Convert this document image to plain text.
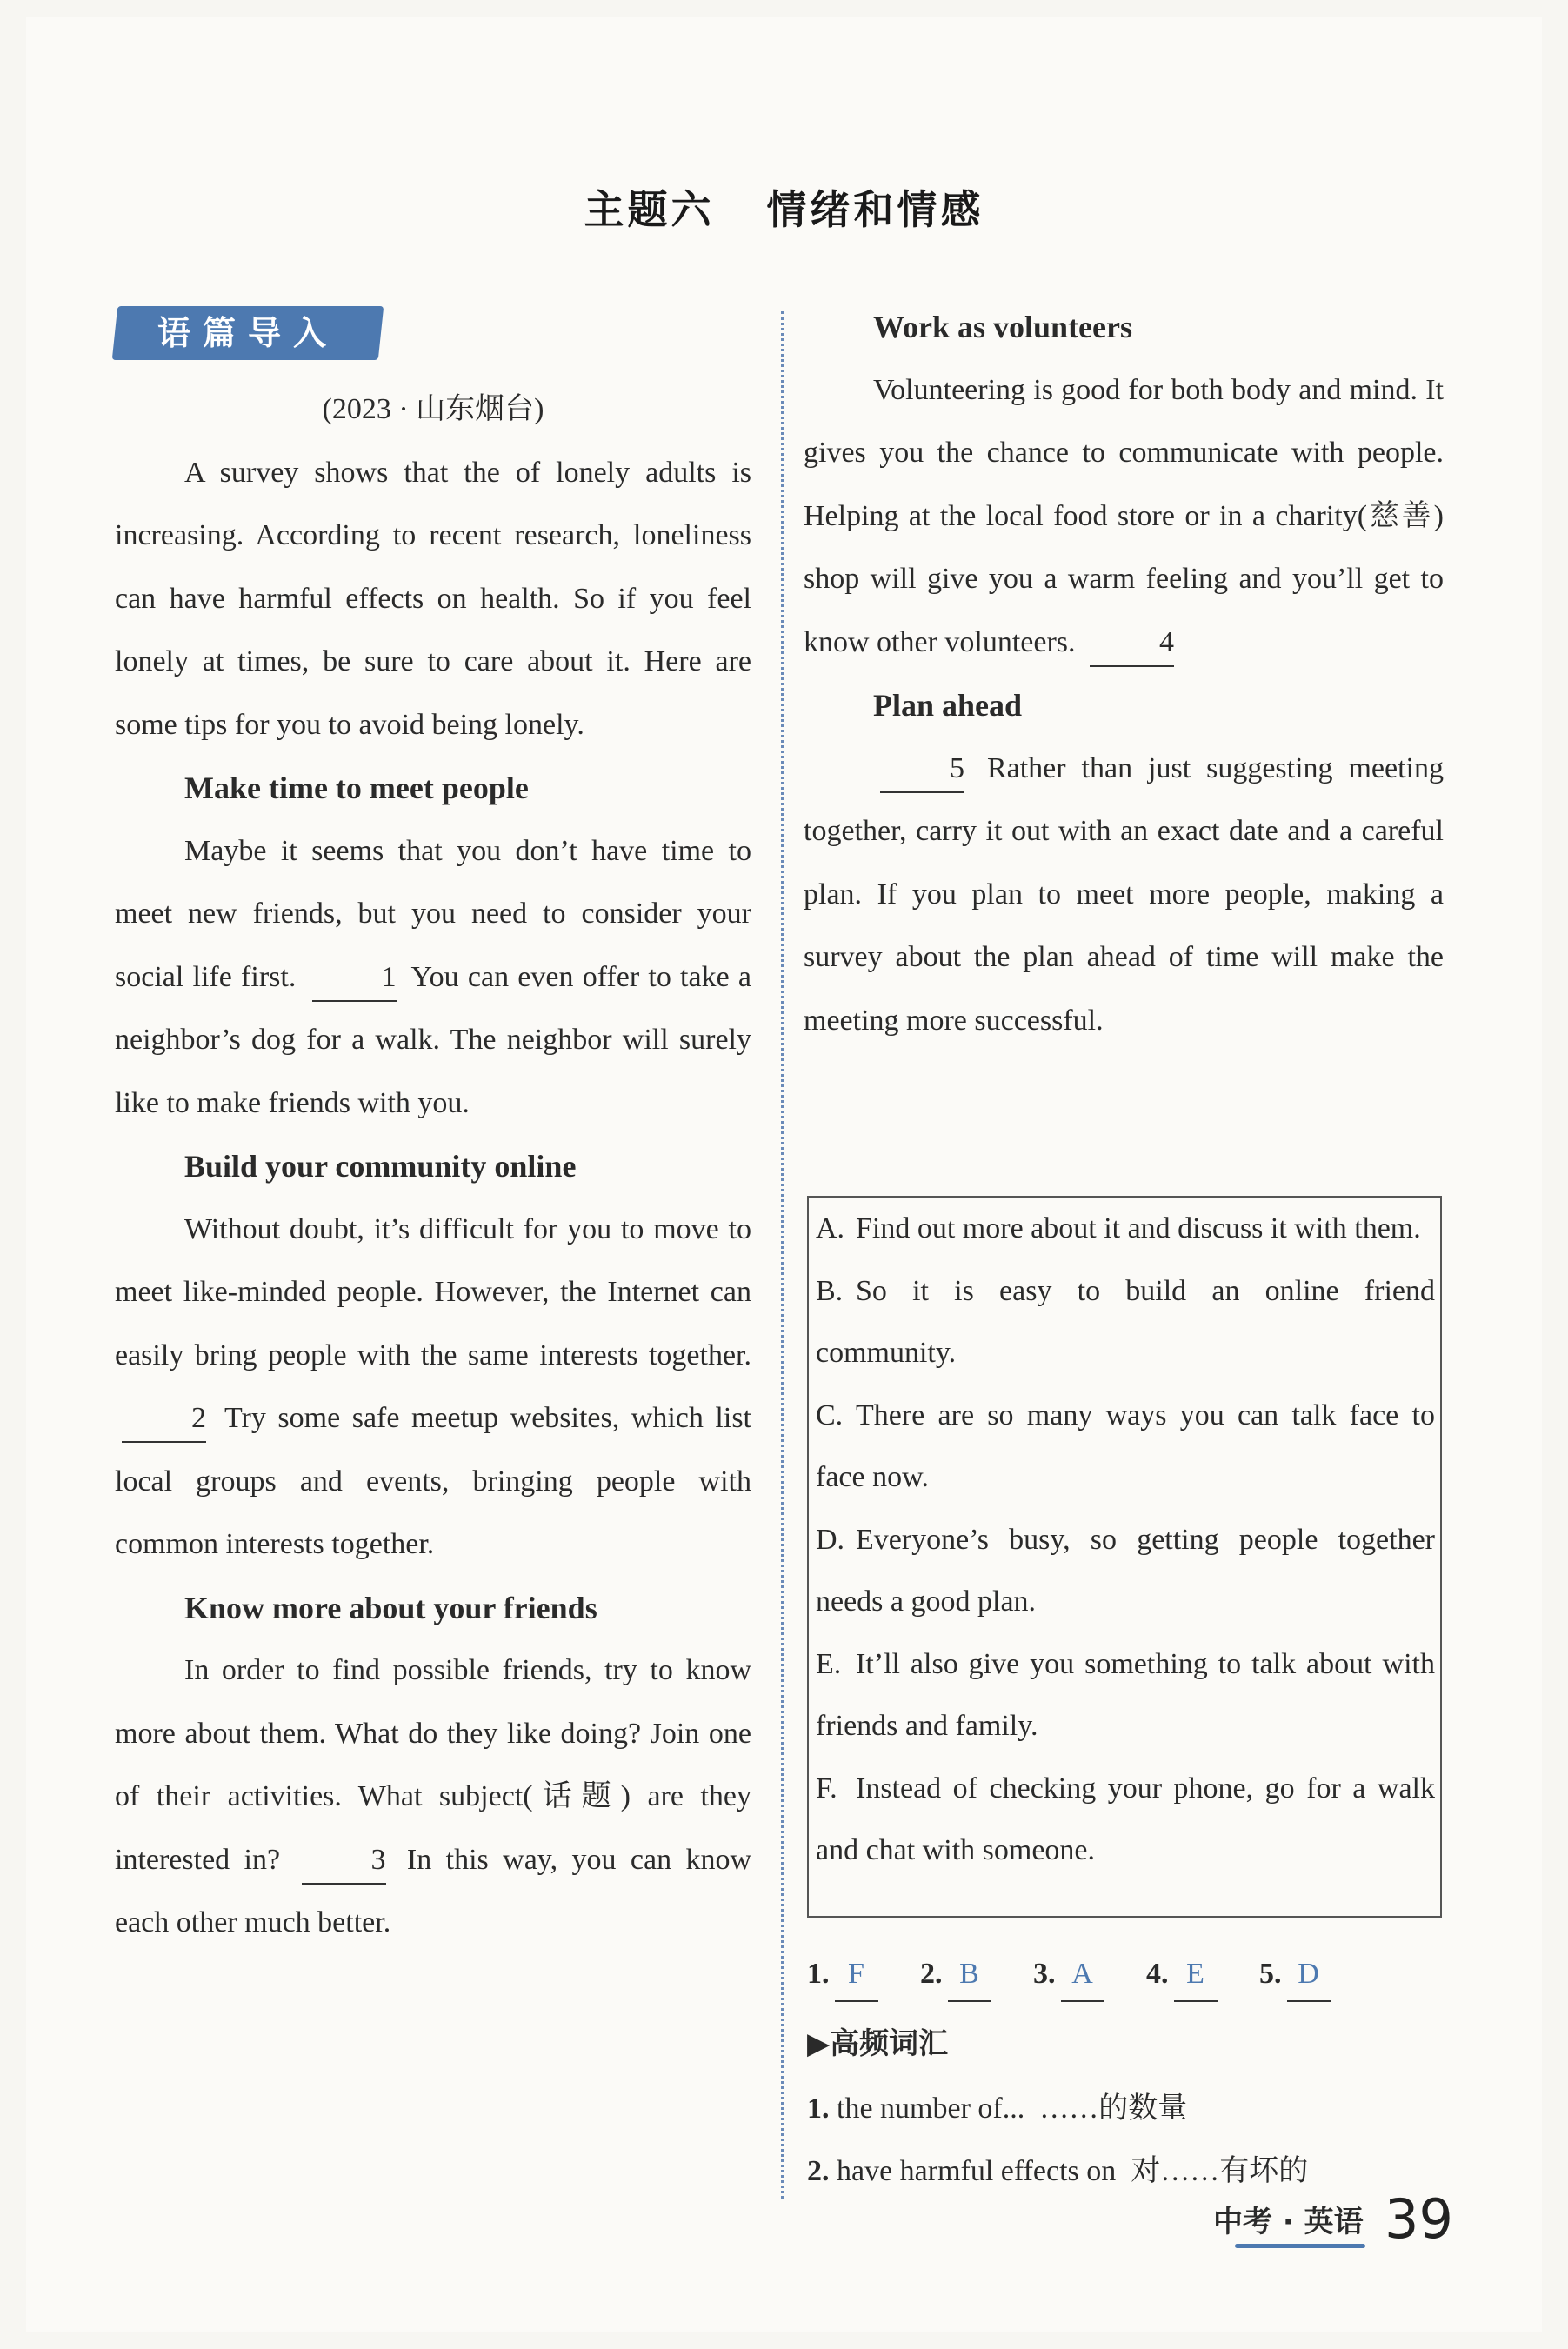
主题六 情绪和情感
语篇导入

(2023 · 山东烟台)

A survey shows that the of lonely adults is increasing. According to recent research, loneliness can have harmful effects on health. So if you feel lonely at times, be sure to care about it. Here are some tips for you to avoid being lonely.

Make time to meet people

Maybe it seems that you don’t have time to meet new friends, but you need to consider your social life first.	1 You can even offer to take a neighbor’s dog for a walk. The neighbor will surely like to make friends with you.

Build your community online

Without doubt, it’s difficult for you to move to meet like-minded people. However, the Internet can easily bring people with the same interests together. 2 Try some safe meetup websites, which list local groups and events, bringing people with common interests together.

Know more about your friends

In order to find possible friends, try to know more about them. What do they like doing? Join one of their activities. What subject(话题) are they interested in?	3 In this way, you can know each other much better.

Work as volunteers

Volunteering is good for both body and mind. It gives you the chance to communicate with people. Helping at the local food store or in a charity(慈善) shop will give you a warm feeling and you’ll get to know other volunteers.	4

Plan ahead

5 Rather than just suggesting meeting together, carry it out with an exact date and a careful plan. If you plan to meet more people, making a survey about the plan ahead of time will make the meeting more successful.

A. Find out more about it and discuss it with them.

B. So it is easy to build an online friend community.

C. There are so many ways you can talk face to face now.

D. Everyone’s busy, so getting people together needs a good plan.

E. It’ll also give you something to talk about with friends and family.

F. Instead of checking your phone, go for a walk and chat with someone.

1. F 2. B 3. A 4. E 5. D
▶高频词汇
1. the number of... ……的数量
2. have harmful effects on 对……有坏的
中考 · 英语 39
